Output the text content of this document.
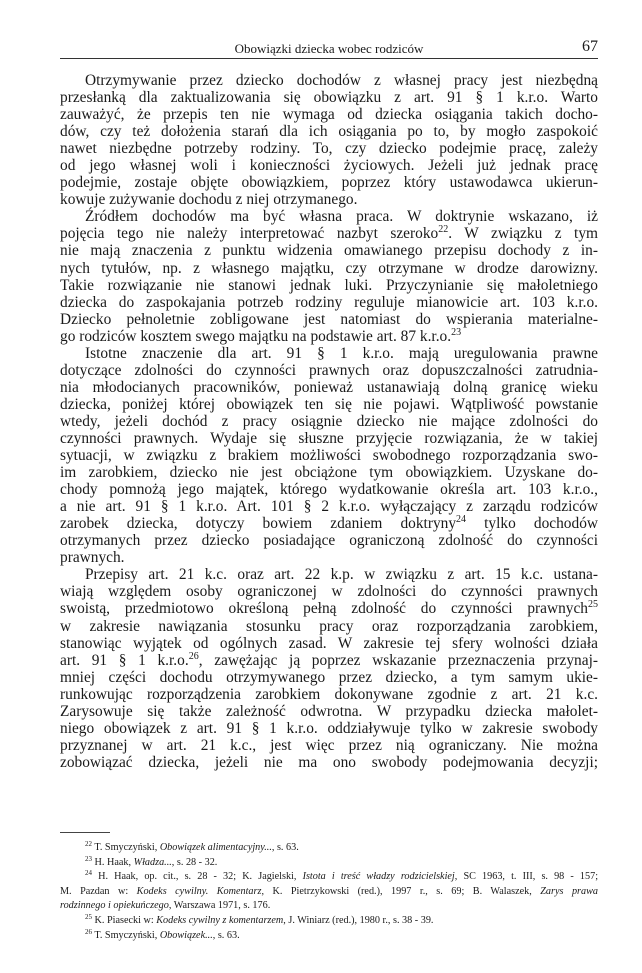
Obowiązki dziecka wobec rodziców	67
Otrzymywanie przez dziecko dochodów z własnej pracy jest niezbędną
przesłanką dla zaktualizowania się obowiązku z art. 91 § 1 k.r.o. Warto
zauważyć, że przepis ten nie wymaga od dziecka osiągania takich docho-
dów, czy też dołożenia starań dla ich osiągania po to, by mogło zaspokoić
nawet niezbędne potrzeby rodziny. To, czy dziecko podejmie pracę, zależy
od jego własnej woli i konieczności życiowych. Jeżeli już jednak pracę
podejmie, zostaje objęte obowiązkiem, poprzez który ustawodawca ukierun-
kowuje zużywanie dochodu z niej otrzymanego.
Źródłem dochodów ma być własna praca. W doktrynie wskazano, iż
pojęcia tego nie należy interpretować nazbyt szeroko$^{22}$. W związku z tym
nie mają znaczenia z punktu widzenia omawianego przepisu dochody z in-
nych tytułów, np. z własnego majątku, czy otrzymane w drodze darowizny.
Takie rozwiązanie nie stanowi jednak luki. Przyczynianie się małoletniego
dziecka do zaspokajania potrzeb rodziny reguluje mianowicie art. 103 k.r.o.
Dziecko pełnoletnie zobligowane jest natomiast do wspierania materialne-
go rodziców kosztem swego majątku na podstawie art. 87 k.r.o.$^{23}$
Istotne znaczenie dla art. 91 § 1 k.r.o. mają uregulowania prawne
dotyczące zdolności do czynności prawnych oraz dopuszczalności zatrudnia-
nia młodocianych pracowników, ponieważ ustanawiają dolną granicę wieku
dziecka, poniżej której obowiązek ten się nie pojawi. Wątpliwość powstanie
wtedy, jeżeli dochód z pracy osiągnie dziecko nie mające zdolności do
czynności prawnych. Wydaje się słuszne przyjęcie rozwiązania, że w takiej
sytuacji, w związku z brakiem możliwości swobodnego rozporządzania swo-
im zarobkiem, dziecko nie jest obciążone tym obowiązkiem. Uzyskane do-
chody pomnożą jego majątek, którego wydatkowanie określa art. 103 k.r.o.,
a nie art. 91 § 1 k.r.o. Art. 101 § 2 k.r.o. wyłączający z zarządu rodziców
zarobek dziecka, dotyczy bowiem zdaniem doktryny$^{24}$ tylko dochodów
otrzymanych przez dziecko posiadające ograniczoną zdolność do czynności
prawnych.
Przepisy art. 21 k.c. oraz art. 22 k.p. w związku z art. 15 k.c. ustana-
wiają względem osoby ograniczonej w zdolności do czynności prawnych
swoistą, przedmiotowo określoną pełną zdolność do czynności prawnych$^{25}$
w zakresie nawiązania stosunku pracy oraz rozporządzania zarobkiem,
stanowiąc wyjątek od ogólnych zasad. W zakresie tej sfery wolności działa
art. 91 § 1 k.r.o.$^{26}$, zawężając ją poprzez wskazanie przeznaczenia przynaj-
mniej części dochodu otrzymywanego przez dziecko, a tym samym ukie-
runkowując rozporządzenia zarobkiem dokonywane zgodnie z art. 21 k.c.
Zarysowuje się także zależność odwrotna. W przypadku dziecka małolet-
niego obowiązek z art. 91 § 1 k.r.o. oddziaływuje tylko w zakresie swobody
przyznanej w art. 21 k.c., jest więc przez nią ograniczany. Nie można
zobowiązać dziecka, jeżeli nie ma ono swobody podejmowania decyzji;
$^{22}$ T. Smyczyński, Obowiązek alimentacyjny..., s. 63.
$^{23}$ H. Haak, Władza..., s. 28 - 32.
$^{24}$ H. Haak, op. cit., s. 28 - 32; K. Jagielski, Istota i treść władzy rodzicielskiej, SC 1963, t. III, s. 98 - 157;
M. Pazdan w: Kodeks cywilny. Komentarz, K. Pietrzykowski (red.), 1997 r., s. 69; B. Walaszek, Zarys prawa
rodzinnego i opiekuńczego, Warszawa 1971, s. 176.
$^{25}$ K. Piasecki w: Kodeks cywilny z komentarzem, J. Winiarz (red.), 1980 r., s. 38 - 39.
$^{26}$ T. Smyczyński, Obowiązek..., s. 63.
